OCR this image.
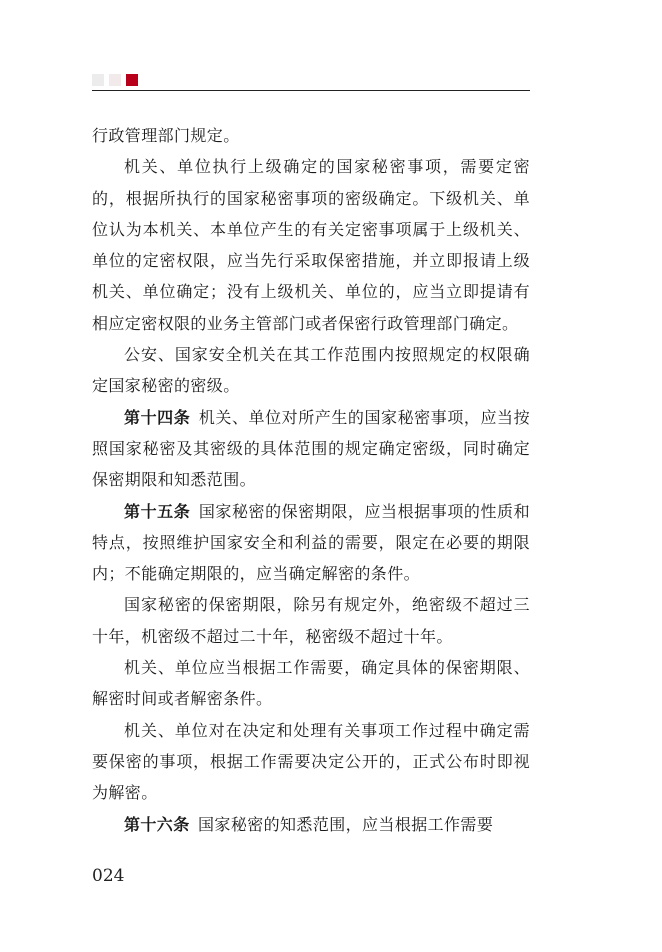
行政管理部门规定。

机关、单位执行上级确定的国家秘密事项，需要定密的，根据所执行的国家秘密事项的密级确定。下级机关、单位认为本机关、本单位产生的有关定密事项属于上级机关、单位的定密权限，应当先行采取保密措施，并立即报请上级机关、单位确定；没有上级机关、单位的，应当立即提请有相应定密权限的业务主管部门或者保密行政管理部门确定。

公安、国家安全机关在其工作范围内按照规定的权限确定国家秘密的密级。

第十四条  机关、单位对所产生的国家秘密事项，应当按照国家秘密及其密级的具体范围的规定确定密级，同时确定保密期限和知悉范围。

第十五条  国家秘密的保密期限，应当根据事项的性质和特点，按照维护国家安全和利益的需要，限定在必要的期限内；不能确定期限的，应当确定解密的条件。

国家秘密的保密期限，除另有规定外，绝密级不超过三十年，机密级不超过二十年，秘密级不超过十年。

机关、单位应当根据工作需要，确定具体的保密期限、解密时间或者解密条件。

机关、单位对在决定和处理有关事项工作过程中确定需要保密的事项，根据工作需要决定公开的，正式公布时即视为解密。

第十六条  国家秘密的知悉范围，应当根据工作需要

024
